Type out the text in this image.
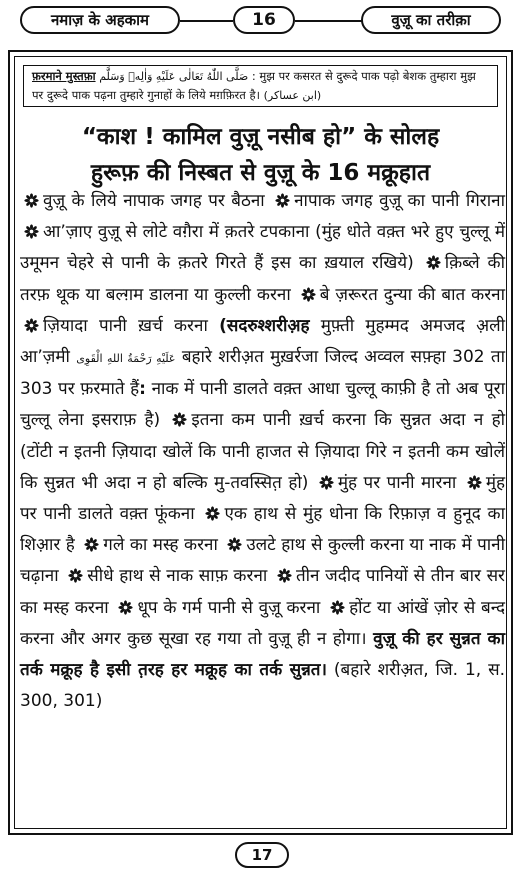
नमाज़ के अहकाम	16	वुज़ू का तरीक़ा
फ़रमाने मुस्तफ़ा صَلَّى اللّٰهُ تَعَالٰى عَلَيْهِ وَاٰلِهٖ وَسَلَّم : मुझ पर कसरत से दुरूदे पाक पढ़ो बेशक तुम्हारा मुझ पर दुरूदे पाक पढ़ना तुम्हारे गुनाहों के लिये मग़फ़िरत है। (ابن عساکر)
“काश ! कामिल वुज़ू नसीब हो” के सोलह
हुरूफ़ की निस्बत से वुज़ू के 16 मक्रूहात
वुज़ू के लिये नापाक जगह पर बैठना नापाक जगह वुज़ू का पानी गिराना आ’ज़ाए वुज़ू से लोटे वग़ैरा में क़तरे टपकाना (मुंह धोते वक़्त भरे हुए चुल्लू में उमूमन चेहरे से पानी के क़तरे गिरते हैं इस का ख़याल रखिये) क़िब्ले की तरफ़ थूक या बल्ग़म डालना या कुल्ली करना बे ज़रूरत दुन्या की बात करना ज़ियादा पानी ख़र्च करना (सदरुश्शरीअ़ह मुफ़्ती मुहम्मद अमजद अ़ली आ’ज़मी عَلَيْهِ رَحْمَةُ اللهِ الْقَوِی बहारे शरीअ़त मुख़र्रजा जिल्द अव्वल सफ़्हा 302 ता 303 पर फ़रमाते हैं: नाक में पानी डालते वक़्त आधा चुल्लू काफ़ी है तो अब पूरा चुल्लू लेना इसराफ़ है) इतना कम पानी ख़र्च करना कि सुन्नत अदा न हो (टोंटी न इतनी ज़ियादा खोलें कि पानी हाजत से ज़ियादा गिरे न इतनी कम खोलें कि सुन्नत भी अदा न हो बल्कि मु-तवस्सित़ हो) मुंह पर पानी मारना मुंह पर पानी डालते वक़्त फूंकना एक हाथ से मुंह धोना कि रिफ़ाज़ व हुनूद का शिआ़र है गले का मस्ह करना उलटे हाथ से कुल्ली करना या नाक में पानी चढ़ाना सीधे हाथ से नाक साफ़ करना तीन जदीद पानियों से तीन बार सर का मस्ह करना धूप के गर्म पानी से वुज़ू करना होंट या आंखें ज़ोर से बन्द करना और अगर कुछ सूखा रह गया तो वुज़ू ही न होगा। वुज़ू की हर सुन्नत का तर्क मक्रूह है इसी त़रह हर मक्रूह का तर्क सुन्नत। (बहारे शरीअ़त, जि. 1, स. 300, 301)
17
